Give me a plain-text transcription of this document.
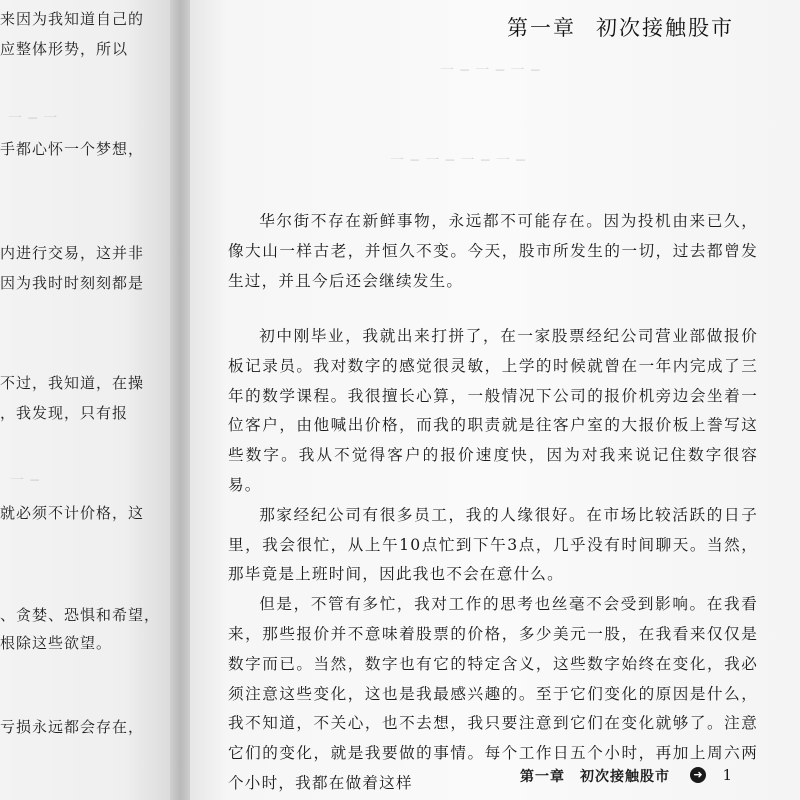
一 ─ 一
一 ─
来因为我知道自己的
应整体形势，所以
手都心怀一个梦想，
内进行交易，这并非
因为我时时刻刻都是
不过，我知道，在操
，我发现，只有报
就必须不计价格，这
、贪婪、恐惧和希望，
根除这些欲望。
亏损永远都会存在，
一 ─ 一 ─ 一 ─
一 ─ 一 ─ 一 ─ 一 ─
第一章 初次接触股市

华尔街不存在新鲜事物，永远都不可能存在。因为投机由来已久，像大山一样古老，并恒久不变。今天，股市所发生的一切，过去都曾发生过，并且今后还会继续发生。

初中刚毕业，我就出来打拼了，在一家股票经纪公司营业部做报价板记录员。我对数字的感觉很灵敏，上学的时候就曾在一年内完成了三年的数学课程。我很擅长心算，一般情况下公司的报价机旁边会坐着一位客户，由他喊出价格，而我的职责就是往客户室的大报价板上誊写这些数字。我从不觉得客户的报价速度快，因为对我来说记住数字很容易。

那家经纪公司有很多员工，我的人缘很好。在市场比较活跃的日子里，我会很忙，从上午10点忙到下午3点，几乎没有时间聊天。当然，那毕竟是上班时间，因此我也不会在意什么。

但是，不管有多忙，我对工作的思考也丝毫不会受到影响。在我看来，那些报价并不意味着股票的价格，多少美元一股，在我看来仅仅是数字而已。当然，数字也有它的特定含义，这些数字始终在变化，我必须注意这些变化，这也是我最感兴趣的。至于它们变化的原因是什么，我不知道，不关心，也不去想，我只要注意到它们在变化就够了。注意它们的变化，就是我要做的事情。每个工作日五个小时，再加上周六两个小时，我都在做着这样	第一章　初次接触股市	➜ 1
